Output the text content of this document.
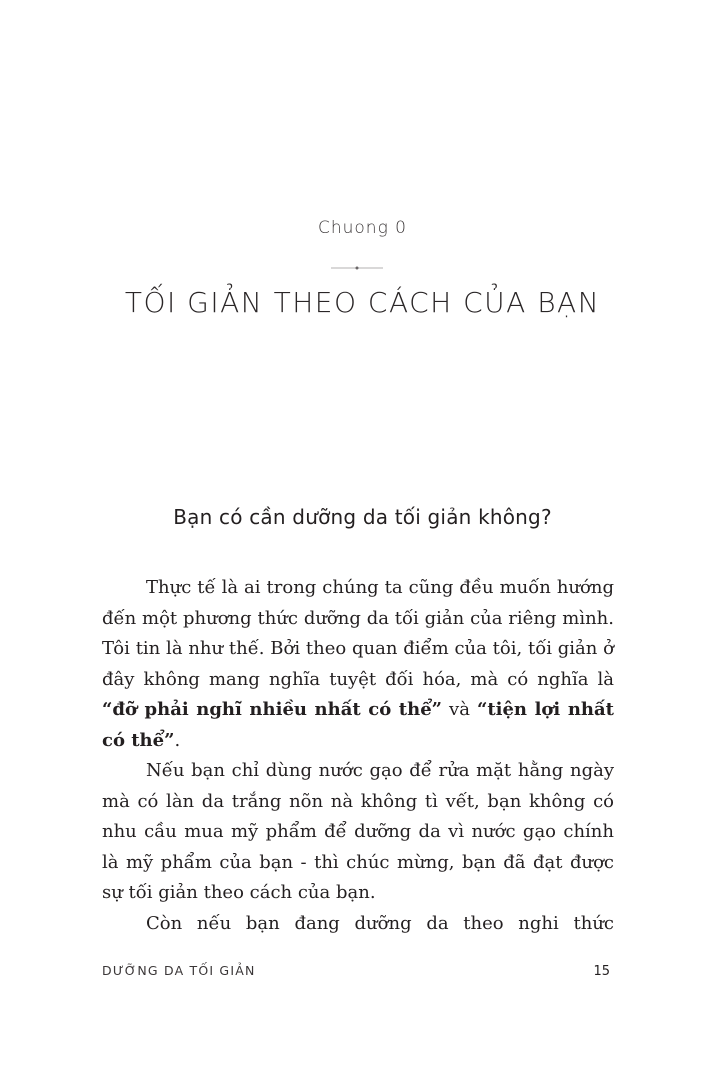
Chuong 0
TỐI GIẢN THEO CÁCH CỦA BẠN
Bạn có cần dưỡng da tối giản không?

Thực tế là ai trong chúng ta cũng đều muốn hướng đến một phương thức dưỡng da tối giản của riêng mình. Tôi tin là như thế. Bởi theo quan điểm của tôi, tối giản ở đây không mang nghĩa tuyệt đối hóa, mà có nghĩa là “đỡ phải nghĩ nhiều nhất có thể” và “tiện lợi nhất có thể”.

Nếu bạn chỉ dùng nước gạo để rửa mặt hằng ngày mà có làn da trắng nõn nà không tì vết, bạn không có nhu cầu mua mỹ phẩm để dưỡng da vì nước gạo chính là mỹ phẩm của bạn - thì chúc mừng, bạn đã đạt được sự tối giản theo cách của bạn.

Còn nếu bạn đang dưỡng da theo nghi thức

DƯỠNG DA TỐI GIẢN	15
